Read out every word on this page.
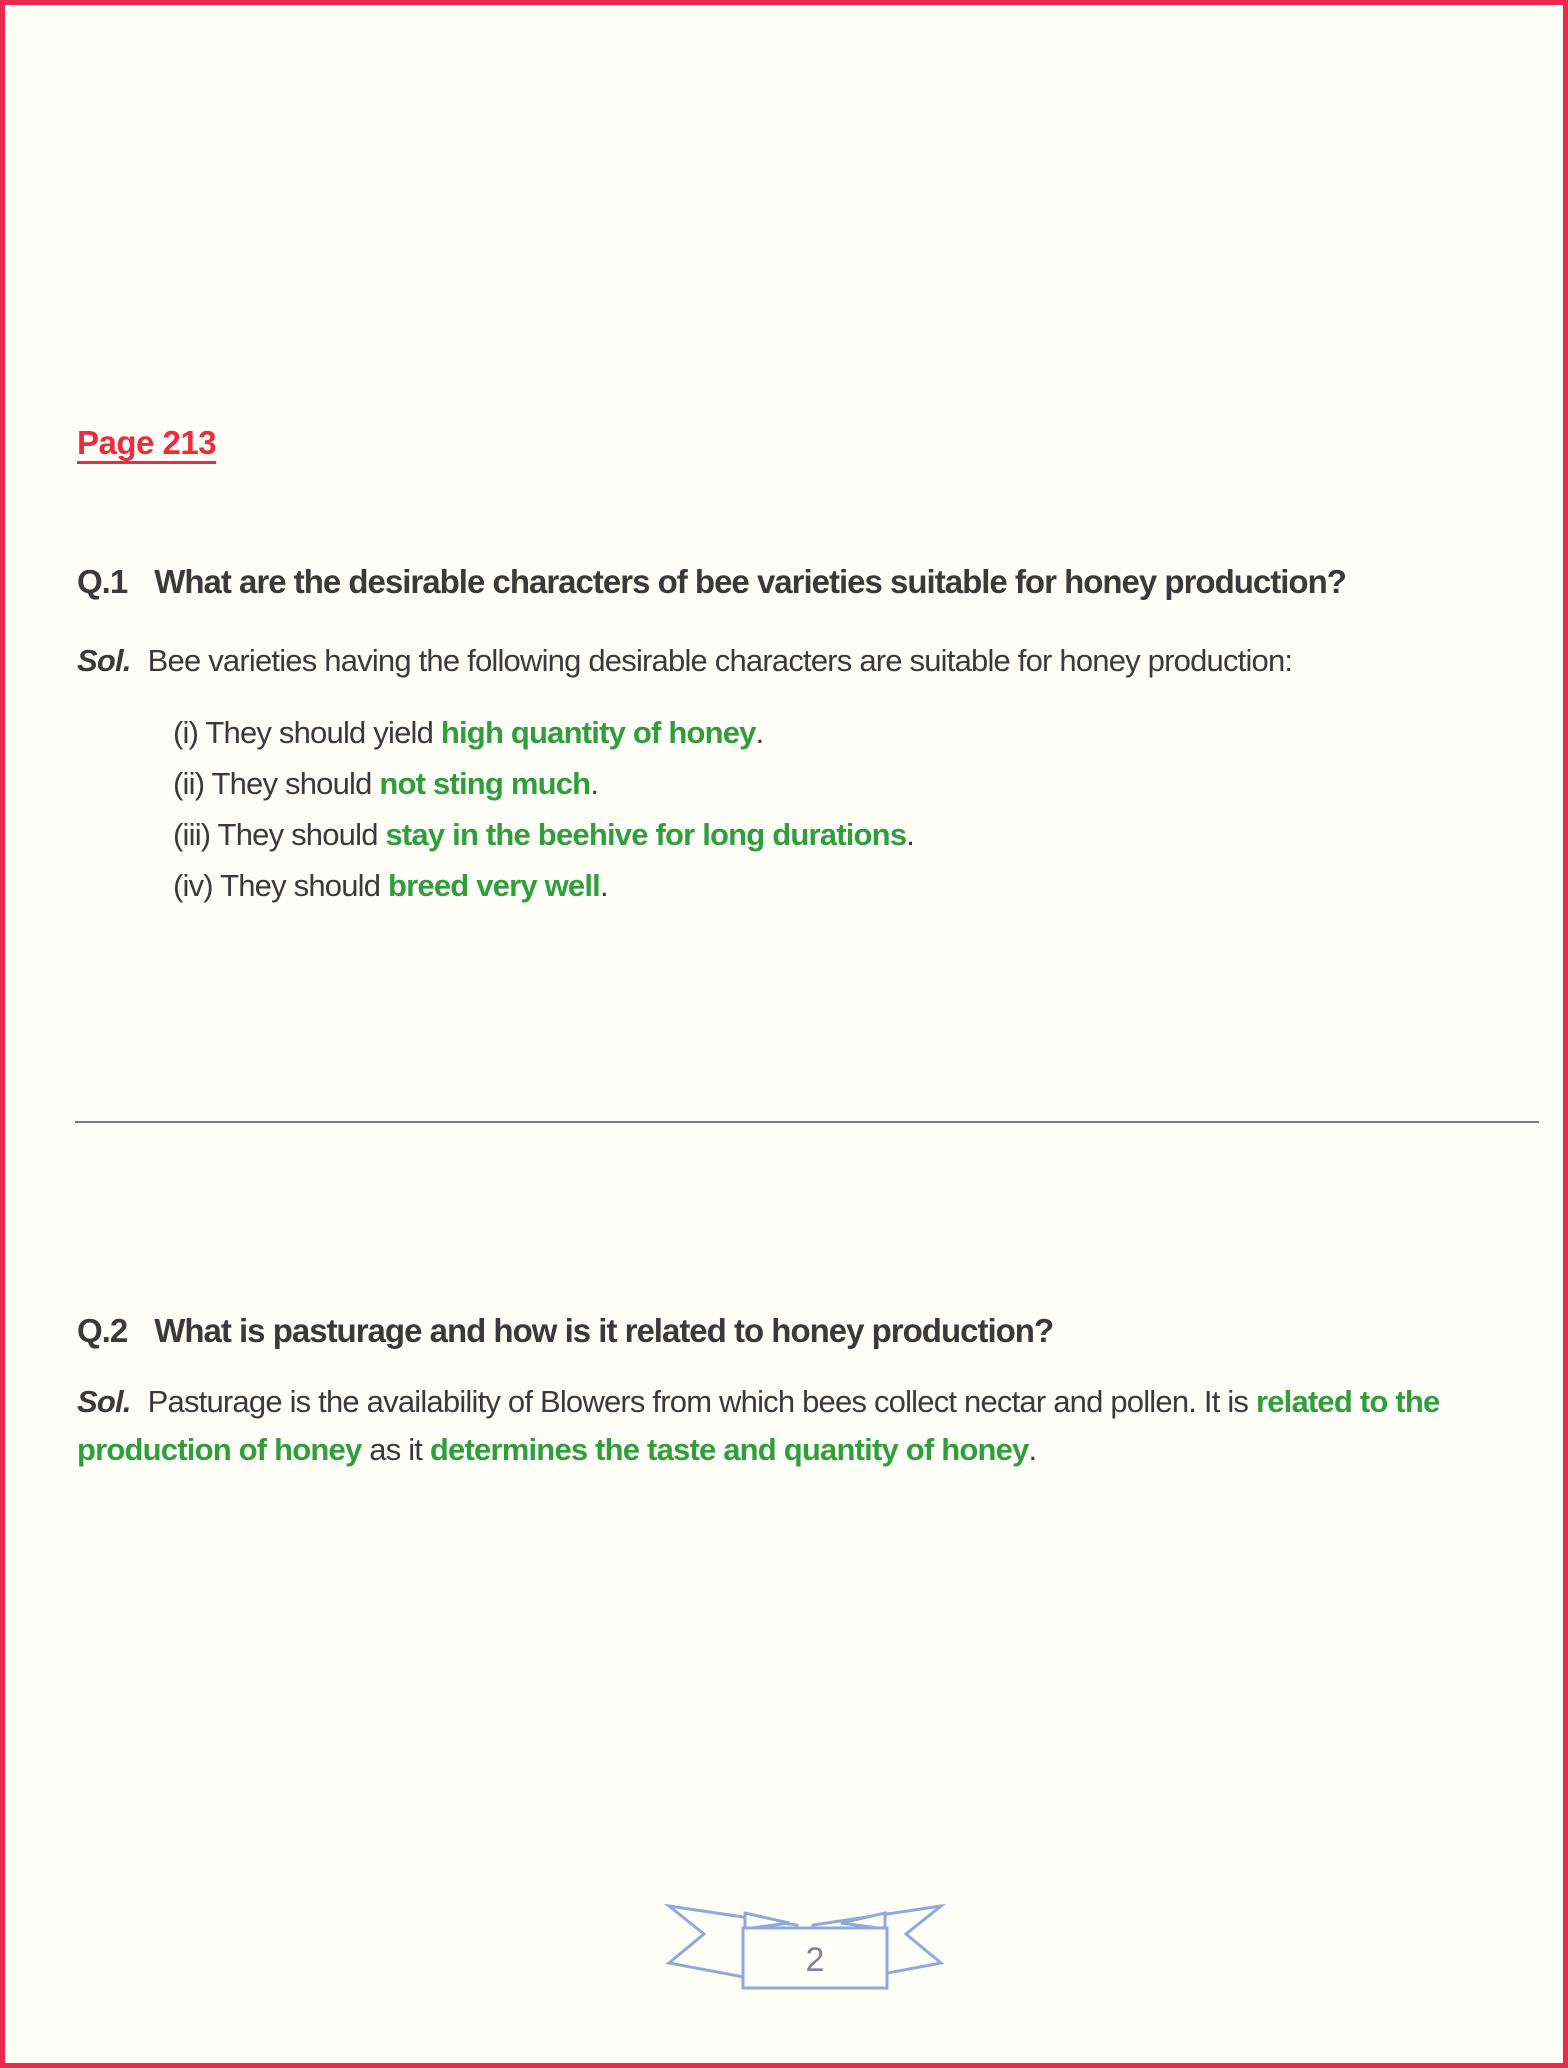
Page 213

Q.1 What are the desirable characters of bee varieties suitable for honey production?

Sol. Bee varieties having the following desirable characters are suitable for honey production:

(i) They should yield high quantity of honey.

(ii) They should not sting much.

(iii) They should stay in the beehive for long durations.

(iv) They should breed very well.

Q.2 What is pasturage and how is it related to honey production?

Sol. Pasturage is the availability of Blowers from which bees collect nectar and pollen. It is related to the production of honey as it determines the taste and quantity of honey.

2
